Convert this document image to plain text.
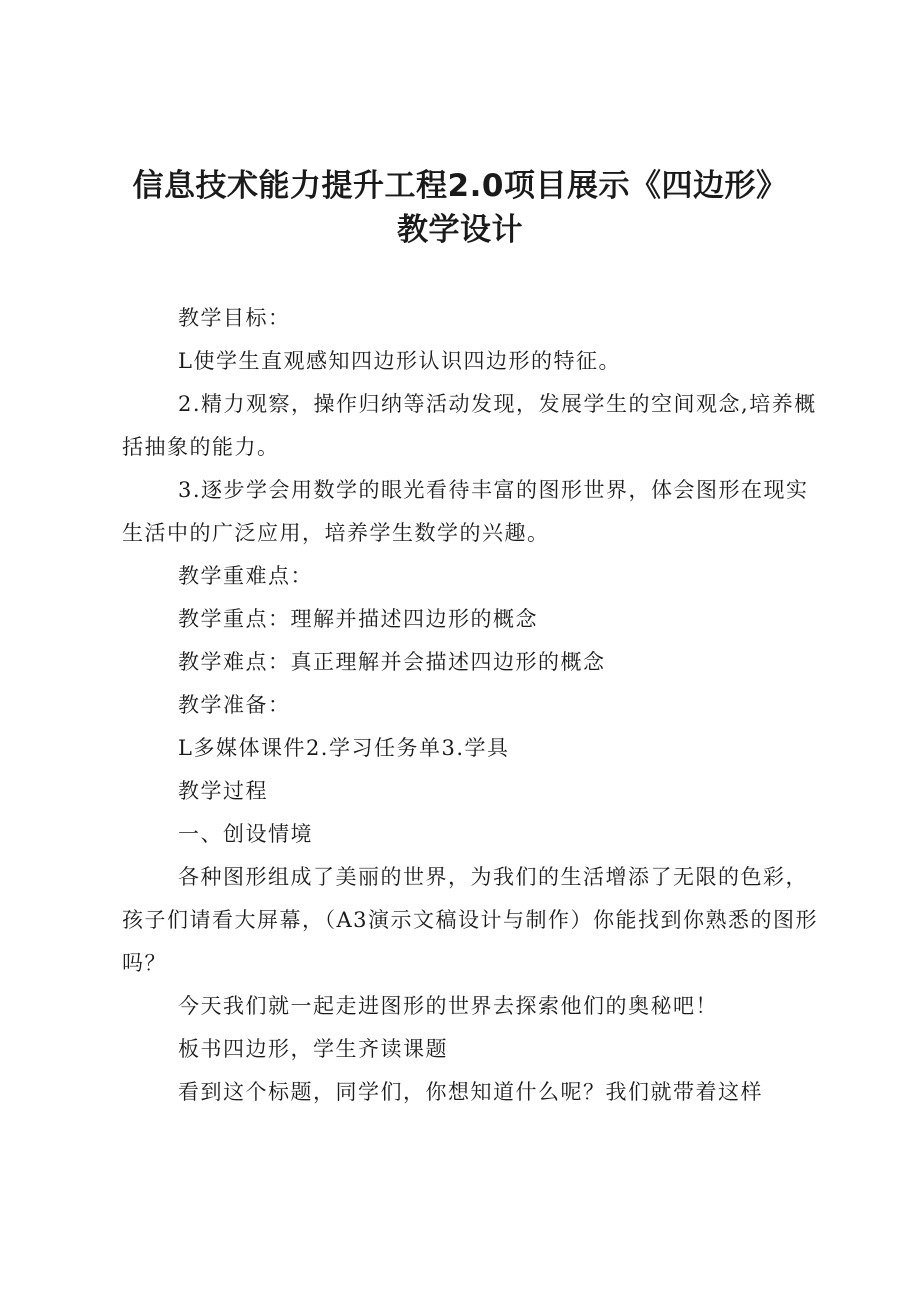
信息技术能力提升工程2.0项目展示《四边形》
教学设计

教学目标：

L使学生直观感知四边形认识四边形的特征。

2.精力观察，操作归纳等活动发现，发展学生的空间观念,培养概括抽象的能力。

3.逐步学会用数学的眼光看待丰富的图形世界，体会图形在现实生活中的广泛应用，培养学生数学的兴趣。

教学重难点：

教学重点：理解并描述四边形的概念

教学难点：真正理解并会描述四边形的概念

教学准备：

L多媒体课件2.学习任务单3.学具

教学过程

一、创设情境

各种图形组成了美丽的世界，为我们的生活增添了无限的色彩，孩子们请看大屏幕，（A3演示文稿设计与制作）你能找到你熟悉的图形吗？

今天我们就一起走进图形的世界去探索他们的奥秘吧！

板书四边形，学生齐读课题

看到这个标题，同学们，你想知道什么呢？我们就带着这样
